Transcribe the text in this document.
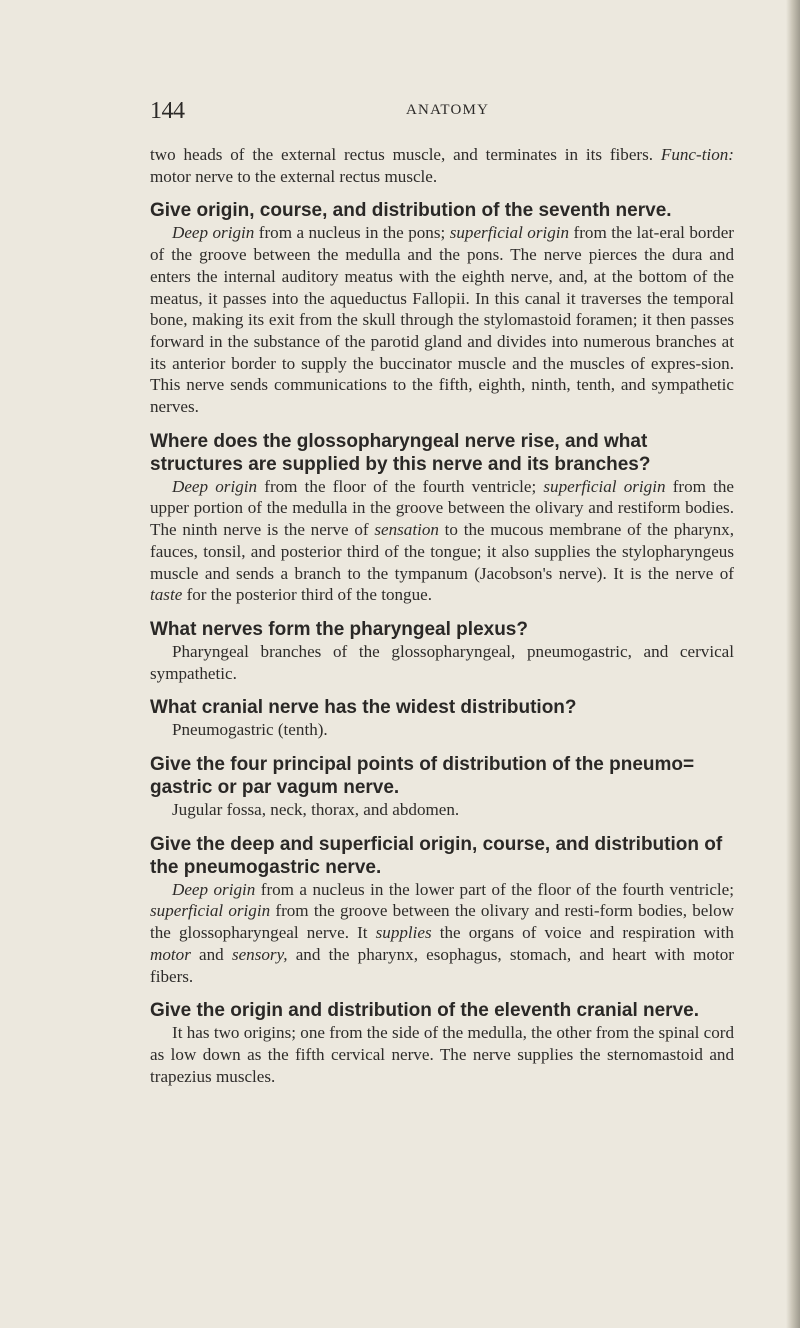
144	ANATOMY

two heads of the external rectus muscle, and terminates in its fibers. Func-tion: motor nerve to the external rectus muscle.

Give origin, course, and distribution of the seventh nerve.

Deep origin from a nucleus in the pons; superficial origin from the lat-eral border of the groove between the medulla and the pons. The nerve pierces the dura and enters the internal auditory meatus with the eighth nerve, and, at the bottom of the meatus, it passes into the aqueductus Fallopii. In this canal it traverses the temporal bone, making its exit from the skull through the stylomastoid foramen; it then passes forward in the substance of the parotid gland and divides into numerous branches at its anterior border to supply the buccinator muscle and the muscles of expres-sion. This nerve sends communications to the fifth, eighth, ninth, tenth, and sympathetic nerves.

Where does the glossopharyngeal nerve rise, and what structures are supplied by this nerve and its branches?

Deep origin from the floor of the fourth ventricle; superficial origin from the upper portion of the medulla in the groove between the olivary and restiform bodies. The ninth nerve is the nerve of sensation to the mucous membrane of the pharynx, fauces, tonsil, and posterior third of the tongue; it also supplies the stylopharyngeus muscle and sends a branch to the tympanum (Jacobson's nerve). It is the nerve of taste for the posterior third of the tongue.

What nerves form the pharyngeal plexus?

Pharyngeal branches of the glossopharyngeal, pneumogastric, and cervical sympathetic.

What cranial nerve has the widest distribution?

Pneumogastric (tenth).

Give the four principal points of distribution of the pneumo= gastric or par vagum nerve.

Jugular fossa, neck, thorax, and abdomen.

Give the deep and superficial origin, course, and distribution of the pneumogastric nerve.

Deep origin from a nucleus in the lower part of the floor of the fourth ventricle; superficial origin from the groove between the olivary and resti-form bodies, below the glossopharyngeal nerve. It supplies the organs of voice and respiration with motor and sensory, and the pharynx, esophagus, stomach, and heart with motor fibers.

Give the origin and distribution of the eleventh cranial nerve.

It has two origins; one from the side of the medulla, the other from the spinal cord as low down as the fifth cervical nerve. The nerve supplies the sternomastoid and trapezius muscles.
